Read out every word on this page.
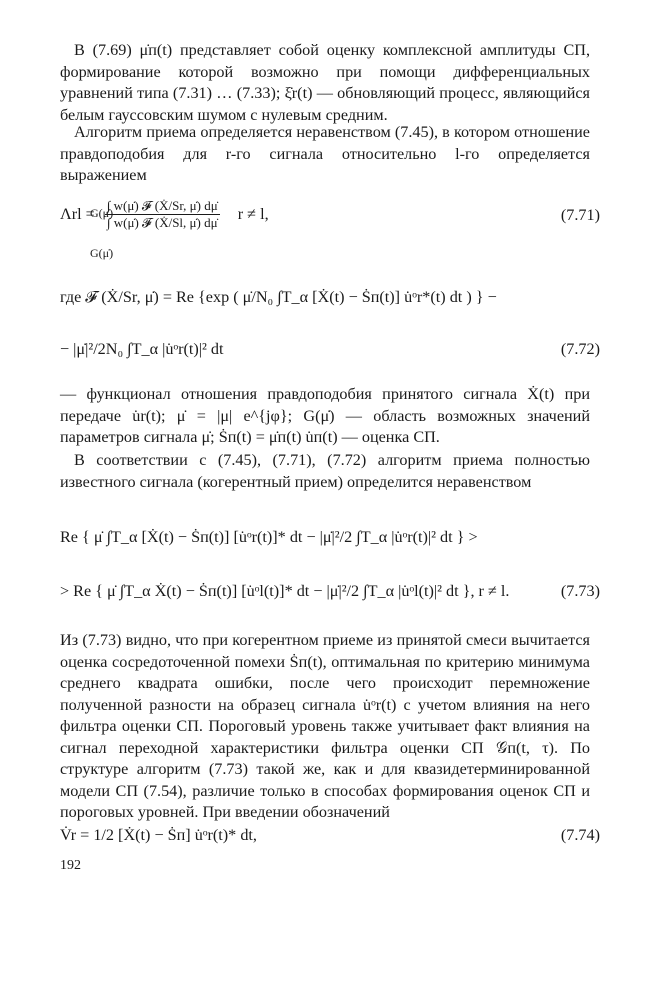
В (7.69) μ̇п(t) представляет собой оценку комплексной амплитуды СП, формирование которой возможно при помощи дифференциальных уравнений типа (7.31) … (7.33); ξ̇r(t) — обновляющий процесс, являющийся белым гауссовским шумом с нулевым средним.

Алгоритм приема определяется неравенством (7.45), в котором отношение правдоподобия для r-го сигнала относительно l-го определяется выражением

$\Lambda rl = \frac{\text{∫ w(μ̇) 𝓕 (Ẋ/Sr, μ̇) dμ̇}}{\text{∫ w(μ̇) 𝓕 (Ẋ/Sl, μ̇) dμ̇}}$ r ≠ l,
G(μ̇)
G(μ̇)
(7.71)
где 𝓕 (Ẋ/Sr, μ̇) = Re {exp ( μ̇/N₀ ∫T_α [Ẋ(t) − Ṡп(t)] u̇ᵒr*(t) dt ) } −
− |μ̇|²/2N₀ ∫T_α |u̇ᵒr(t)|² dt	(7.72)

— функционал отношения правдоподобия принятого сигнала Ẋ(t) при передаче u̇r(t); μ̇ = |μ| e^{jφ}; G(μ̇) — область возможных значений параметров сигнала μ̇; Ṡп(t) = μ̇п(t) u̇п(t) — оценка СП.

В соответствии с (7.45), (7.71), (7.72) алгоритм приема полностью известного сигнала (когерентный прием) определится неравенством

Re { μ̇ ∫T_α [Ẋ(t) − Ṡп(t)] [u̇ᵒr(t)]* dt − |μ̇|²/2 ∫T_α |u̇ᵒr(t)|² dt } >
> Re { μ̇ ∫T_α Ẋ(t) − Ṡп(t)] [u̇ᵒl(t)]* dt − |μ̇|²/2 ∫T_α |u̇ᵒl(t)|² dt }, r ≠ l.	(7.73)

Из (7.73) видно, что при когерентном приеме из принятой смеси вычитается оценка сосредоточенной помехи Ṡп(t), оптимальная по критерию минимума среднего квадрата ошибки, после чего происходит перемножение полученной разности на образец сигнала u̇ᵒr(t) с учетом влияния на него фильтра оценки СП. Пороговый уровень также учитывает факт влияния на сигнал переходной характеристики фильтра оценки СП 𝒢п(t, τ). По структуре алгоритм (7.73) такой же, как и для квазидетерминированной модели СП (7.54), различие только в способах формирования оценок СП и пороговых уровней. При введении обозначений

V̇r = 1/2 [Ẋ(t) − Ṡп] u̇ᵒr(t)* dt,	(7.74)
192
